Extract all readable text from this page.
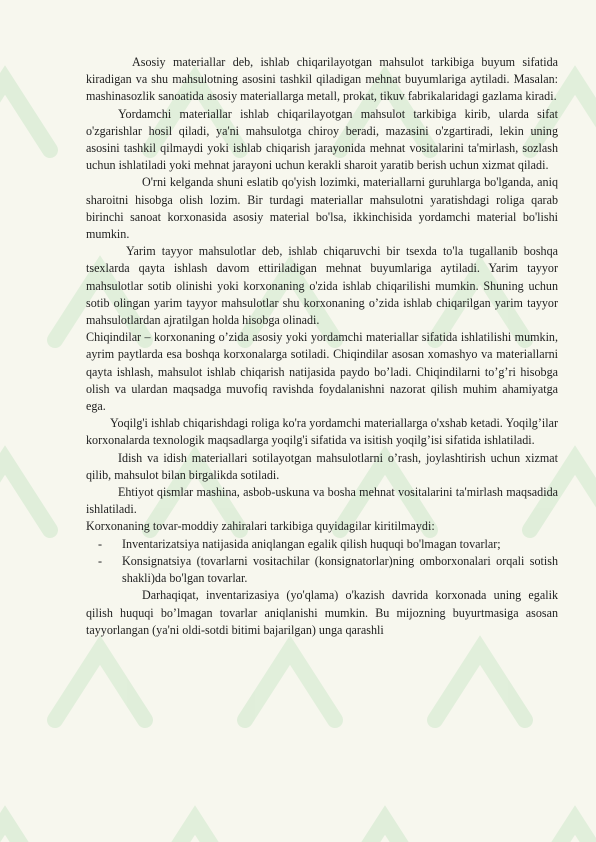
Asosiy materiallar deb, ishlab chiqarilayotgan mahsulot tarkibiga buyum sifatida kiradigan va shu mahsulotning asosini tashkil qiladigan mehnat buyumlariga aytiladi. Masalan: mashinasozlik sanoatida asosiy materiallarga metall, prokat, tikuv fabrikalaridagi gazlama kiradi.

Yordamchi materiallar ishlab chiqarilayotgan mahsulot tarkibiga kirib, ularda sifat o'zgarishlar hosil qiladi, ya'ni mahsulotga chiroy beradi, mazasini o'zgartiradi, lekin uning asosini tashkil qilmaydi yoki ishlab chiqarish jarayonida mehnat vositalarini ta'mirlash, sozlash uchun ishlatiladi yoki mehnat jarayoni uchun kerakli sharoit yaratib berish uchun xizmat qiladi.

O'rni kelganda shuni eslatib qo'yish lozimki, materiallarni guruhlarga bo'lganda, aniq sharoitni hisobga olish lozim. Bir turdagi materiallar mahsulotni yaratishdagi roliga qarab birinchi sanoat korxonasida asosiy material bo'lsa, ikkinchisida yordamchi material bo'lishi mumkin.

Yarim tayyor mahsulotlar deb, ishlab chiqaruvchi bir tsexda to'la tugallanib boshqa tsexlarda qayta ishlash davom ettiriladigan mehnat buyumlariga aytiladi. Yarim tayyor mahsulotlar sotib olinishi yoki korxonaning o'zida ishlab chiqarilishi mumkin. Shuning uchun sotib olingan yarim tayyor mahsulotlar shu korxonaning o’zida ishlab chiqarilgan yarim tayyor mahsulotlardan ajratilgan holda hisobga olinadi.

Chiqindilar – korxonaning o’zida asosiy yoki yordamchi materiallar sifatida ishlatilishi mumkin, ayrim paytlarda esa boshqa korxonalarga sotiladi. Chiqindilar asosan xomashyo va materiallarni qayta ishlash, mahsulot ishlab chiqarish natijasida paydo bo’ladi. Chiqindilarni to’g’ri hisobga olish va ulardan maqsadga muvofiq ravishda foydalanishni nazorat qilish muhim ahamiyatga ega.

Yoqilg'i ishlab chiqarishdagi roliga ko'ra yordamchi materiallarga o'xshab ketadi. Yoqilg’ilar korxonalarda texnologik maqsadlarga yoqilg'i sifatida va isitish yoqilg’isi sifatida ishlatiladi.

Idish va idish materiallari sotilayotgan mahsulotlarni o’rash, joylashtirish uchun xizmat qilib, mahsulot bilan birgalikda sotiladi.

Ehtiyot qismlar mashina, asbob-uskuna va bosha mehnat vositalarini ta'mirlash maqsadida ishlatiladi.

Korxonaning tovar-moddiy zahiralari tarkibiga quyidagilar kiritilmaydi:

- Inventarizatsiya natijasida aniqlangan egalik qilish huquqi bo'lmagan tovarlar;
- Konsignatsiya (tovarlarni vositachilar (konsignatorlar)ning omborxonalari orqali sotish shakli)da bo'lgan tovarlar.

Darhaqiqat, inventarizasiya (yo'qlama) o'kazish davrida korxonada uning egalik qilish huquqi bo’lmagan tovarlar aniqlanishi mumkin. Bu mijozning buyurtmasiga asosan tayyorlangan (ya'ni oldi-sotdi bitimi bajarilgan) unga qarashli
